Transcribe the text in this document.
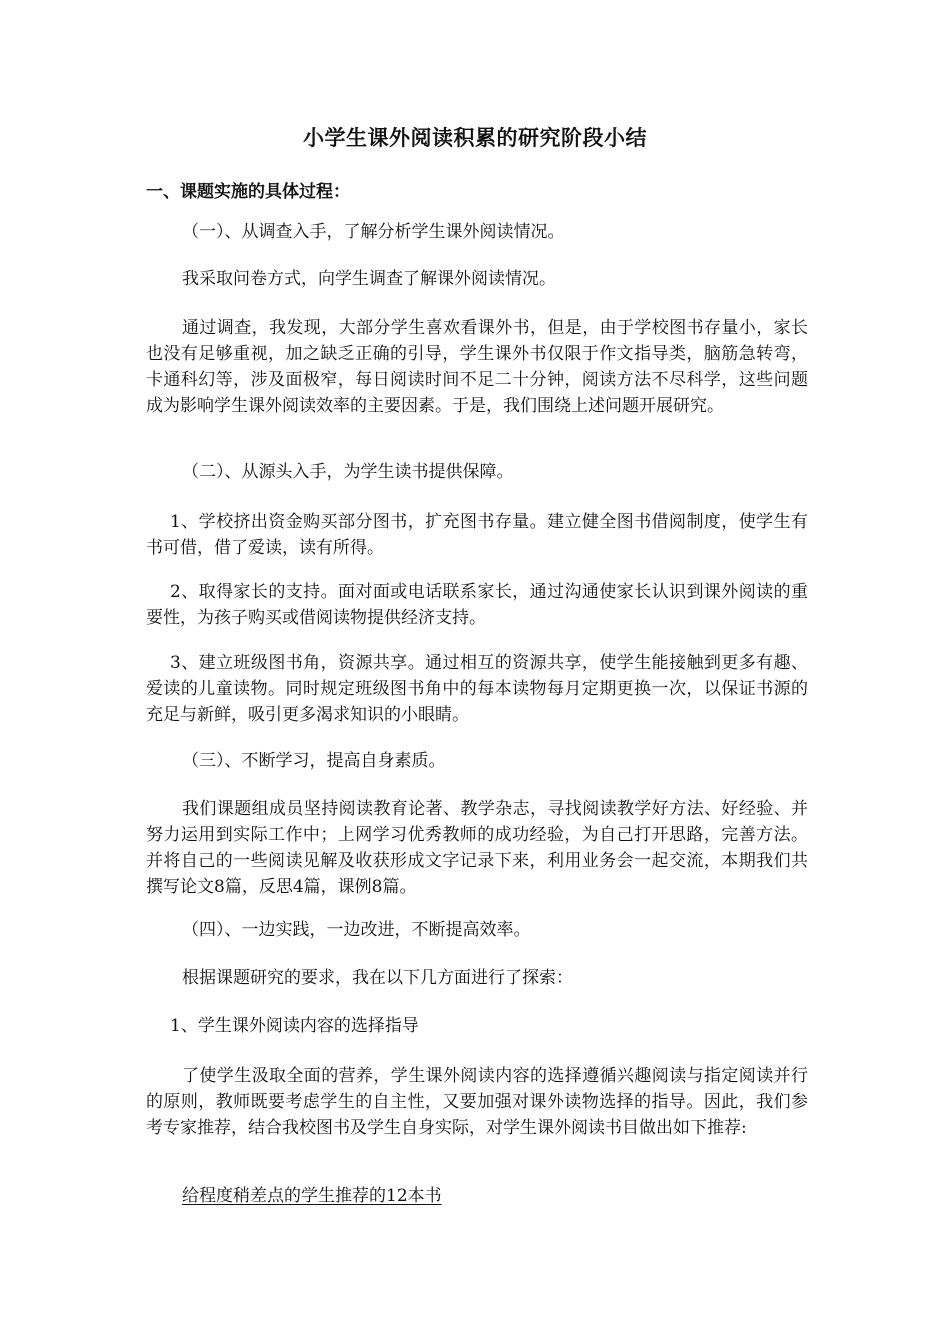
小学生课外阅读积累的研究阶段小结
一、课题实施的具体过程：
（一）、从调查入手，了解分析学生课外阅读情况。
我采取问卷方式，向学生调查了解课外阅读情况。
通过调查，我发现，大部分学生喜欢看课外书，但是，由于学校图书存量小，家长也没有足够重视，加之缺乏正确的引导，学生课外书仅限于作文指导类，脑筋急转弯，卡通科幻等，涉及面极窄，每日阅读时间不足二十分钟，阅读方法不尽科学，这些问题成为影响学生课外阅读效率的主要因素。于是，我们围绕上述问题开展研究。
（二）、从源头入手，为学生读书提供保障。
1、学校挤出资金购买部分图书，扩充图书存量。建立健全图书借阅制度，使学生有书可借，借了爱读，读有所得。
2、取得家长的支持。面对面或电话联系家长，通过沟通使家长认识到课外阅读的重要性，为孩子购买或借阅读物提供经济支持。
3、建立班级图书角，资源共享。通过相互的资源共享，使学生能接触到更多有趣、爱读的儿童读物。同时规定班级图书角中的每本读物每月定期更换一次，以保证书源的充足与新鲜，吸引更多渴求知识的小眼睛。
（三）、不断学习，提高自身素质。
我们课题组成员坚持阅读教育论著、教学杂志，寻找阅读教学好方法、好经验、并努力运用到实际工作中；上网学习优秀教师的成功经验，为自己打开思路，完善方法。并将自己的一些阅读见解及收获形成文字记录下来，利用业务会一起交流，本期我们共撰写论文8篇，反思4篇，课例8篇。
（四）、一边实践，一边改进，不断提高效率。
根据课题研究的要求，我在以下几方面进行了探索：
1、学生课外阅读内容的选择指导
了使学生汲取全面的营养，学生课外阅读内容的选择遵循兴趣阅读与指定阅读并行的原则，教师既要考虑学生的自主性，又要加强对课外读物选择的指导。因此，我们参考专家推荐，结合我校图书及学生自身实际，对学生课外阅读书目做出如下推荐:
给程度稍差点的学生推荐的12本书
